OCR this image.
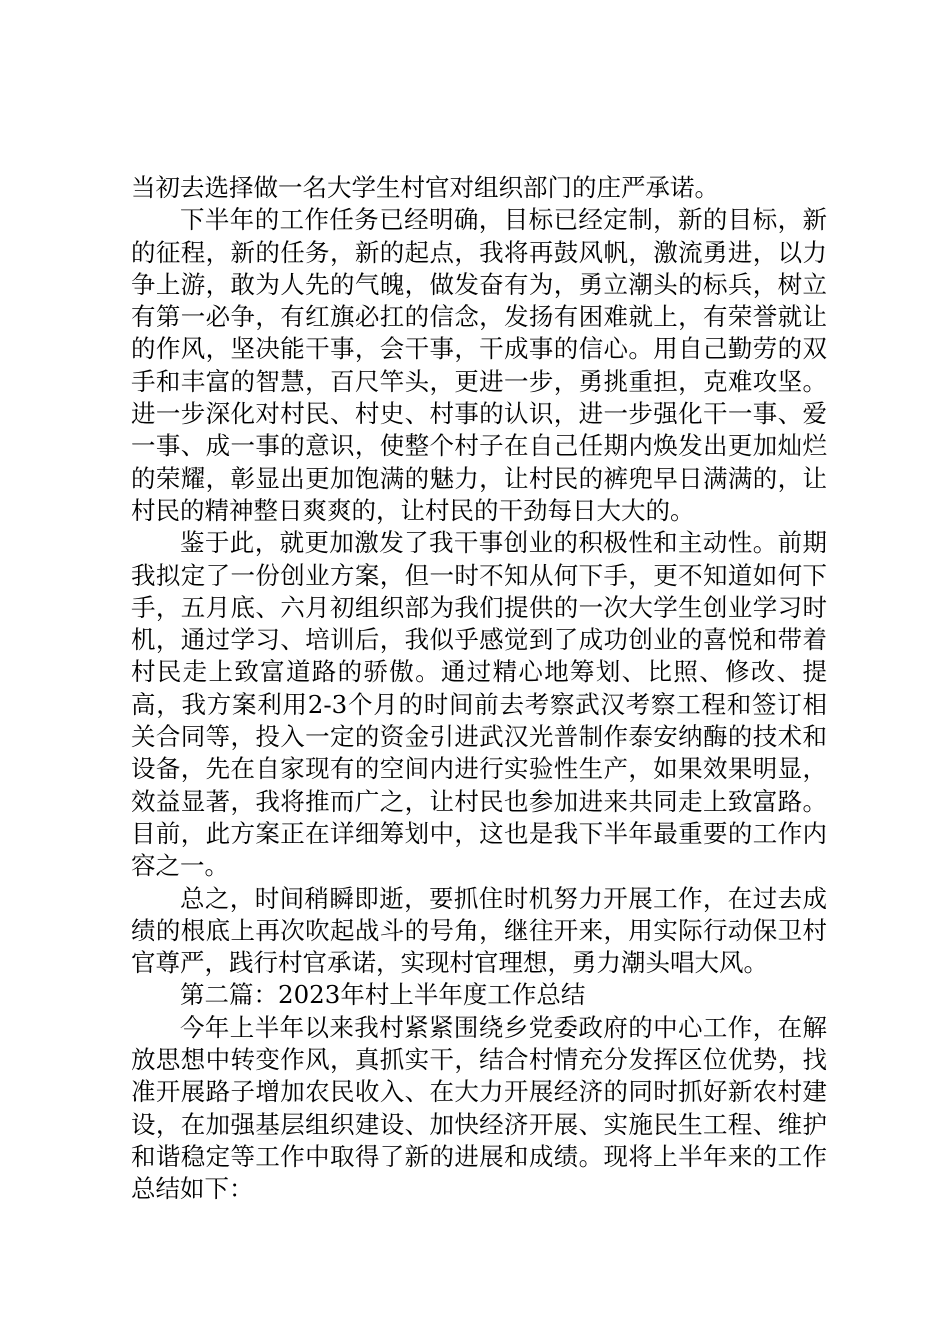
当初去选择做一名大学生村官对组织部门的庄严承诺。

下半年的工作任务已经明确，目标已经定制，新的目标，新的征程，新的任务，新的起点，我将再鼓风帆，激流勇进，以力争上游，敢为人先的气魄，做发奋有为，勇立潮头的标兵，树立有第一必争，有红旗必扛的信念，发扬有困难就上，有荣誉就让的作风，坚决能干事，会干事，干成事的信心。用自己勤劳的双手和丰富的智慧，百尺竿头，更进一步，勇挑重担，克难攻坚。进一步深化对村民、村史、村事的认识，进一步强化干一事、爱一事、成一事的意识，使整个村子在自己任期内焕发出更加灿烂的荣耀，彰显出更加饱满的魅力，让村民的裤兜早日满满的，让村民的精神整日爽爽的，让村民的干劲每日大大的。

鉴于此，就更加激发了我干事创业的积极性和主动性。前期我拟定了一份创业方案，但一时不知从何下手，更不知道如何下手，五月底、六月初组织部为我们提供的一次大学生创业学习时机，通过学习、培训后，我似乎感觉到了成功创业的喜悦和带着村民走上致富道路的骄傲。通过精心地筹划、比照、修改、提高，我方案利用2-3个月的时间前去考察武汉考察工程和签订相关合同等，投入一定的资金引进武汉光普制作泰安纳酶的技术和设备，先在自家现有的空间内进行实验性生产，如果效果明显，效益显著，我将推而广之，让村民也参加进来共同走上致富路。目前，此方案正在详细筹划中，这也是我下半年最重要的工作内容之一。

总之，时间稍瞬即逝，要抓住时机努力开展工作，在过去成绩的根底上再次吹起战斗的号角，继往开来，用实际行动保卫村官尊严，践行村官承诺，实现村官理想，勇力潮头唱大风。

第二篇：2023年村上半年度工作总结

今年上半年以来我村紧紧围绕乡党委政府的中心工作，在解放思想中转变作风，真抓实干，结合村情充分发挥区位优势，找准开展路子增加农民收入、在大力开展经济的同时抓好新农村建设，在加强基层组织建设、加快经济开展、实施民生工程、维护和谐稳定等工作中取得了新的进展和成绩。现将上半年来的工作总结如下：
